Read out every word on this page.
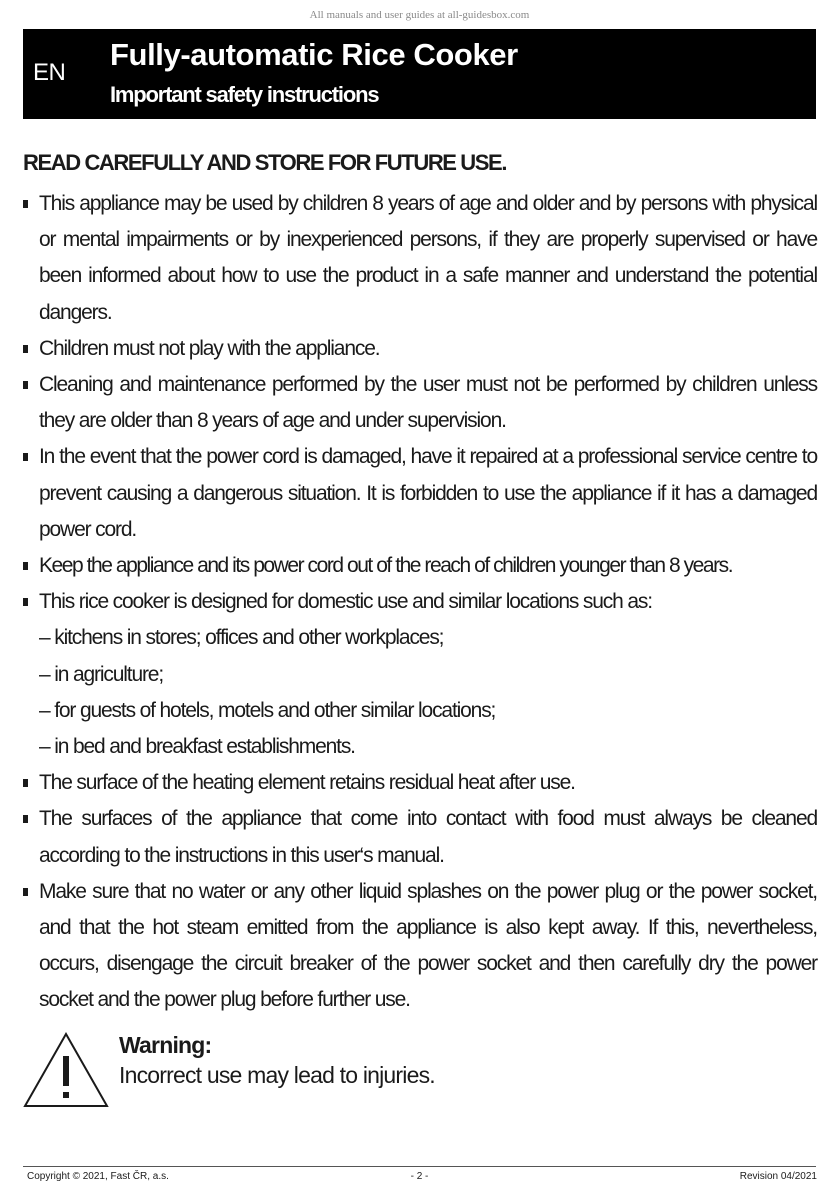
All manuals and user guides at all-guidesbox.com
EN
Fully-automatic Rice Cooker
Important safety instructions
READ CAREFULLY AND STORE FOR FUTURE USE.
This appliance may be used by children 8 years of age and older and by persons with physical or mental impairments or by inexperienced persons, if they are properly supervised or have been informed about how to use the product in a safe manner and understand the potential dangers.
Children must not play with the appliance.
Cleaning and maintenance performed by the user must not be performed by children unless they are older than 8 years of age and under supervision.
In the event that the power cord is damaged, have it repaired at a professional service centre to prevent causing a dangerous situation. It is forbidden to use the appliance if it has a damaged power cord.
Keep the appliance and its power cord out of the reach of children younger than 8 years.
This rice cooker is designed for domestic use and similar locations such as:
– kitchens in stores; offices and other workplaces;
– in agriculture;
– for guests of hotels, motels and other similar locations;
– in bed and breakfast establishments.
The surface of the heating element retains residual heat after use.
The surfaces of the appliance that come into contact with food must always be cleaned according to the instructions in this user‘s manual.
Make sure that no water or any other liquid splashes on the power plug or the power socket, and that the hot steam emitted from the appliance is also kept away. If this, nevertheless, occurs, disengage the circuit breaker of the power socket and then carefully dry the power socket and the power plug before further use.
Warning:
Incorrect use may lead to injuries.
Copyright © 2021, Fast ČR, a.s.	- 2 -	Revision 04/2021
